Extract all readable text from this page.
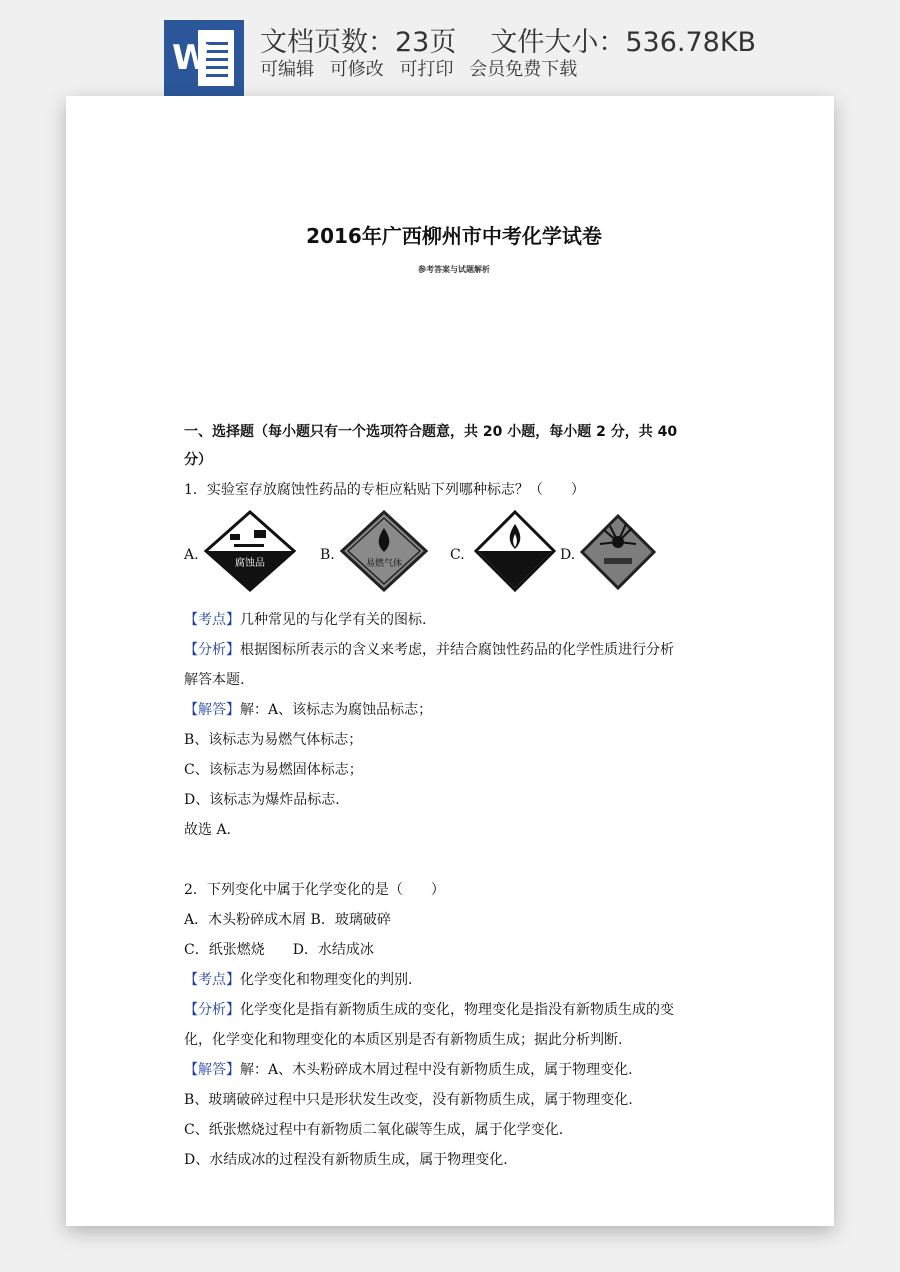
W 文档页数：23页 文件大小：536.78KB
可编辑 可修改 可打印 会员免费下载
2016年广西柳州市中考化学试卷
参考答案与试题解析
一、选择题（每小题只有一个选项符合题意，共 20 小题，每小题 2 分，共 40
分）
1．实验室存放腐蚀性药品的专柜应粘贴下列哪种标志？（　　）
A.
腐蚀品
B.
易燃气体
C.	D.
【考点】几种常见的与化学有关的图标.
【分析】根据图标所表示的含义来考虑，并结合腐蚀性药品的化学性质进行分析
解答本题.
【解答】解：A、该标志为腐蚀品标志；
B、该标志为易燃气体标志；
C、该标志为易燃固体标志；
D、该标志为爆炸品标志.
故选 A.
2．下列变化中属于化学变化的是（　　）
A．木头粉碎成木屑 B．玻璃破碎
C．纸张燃烧　　D．水结成冰
【考点】化学变化和物理变化的判别.
【分析】化学变化是指有新物质生成的变化，物理变化是指没有新物质生成的变
化，化学变化和物理变化的本质区别是否有新物质生成；据此分析判断.
【解答】解：A、木头粉碎成木屑过程中没有新物质生成，属于物理变化.
B、玻璃破碎过程中只是形状发生改变，没有新物质生成，属于物理变化.
C、纸张燃烧过程中有新物质二氧化碳等生成，属于化学变化.
D、水结成冰的过程没有新物质生成，属于物理变化.
